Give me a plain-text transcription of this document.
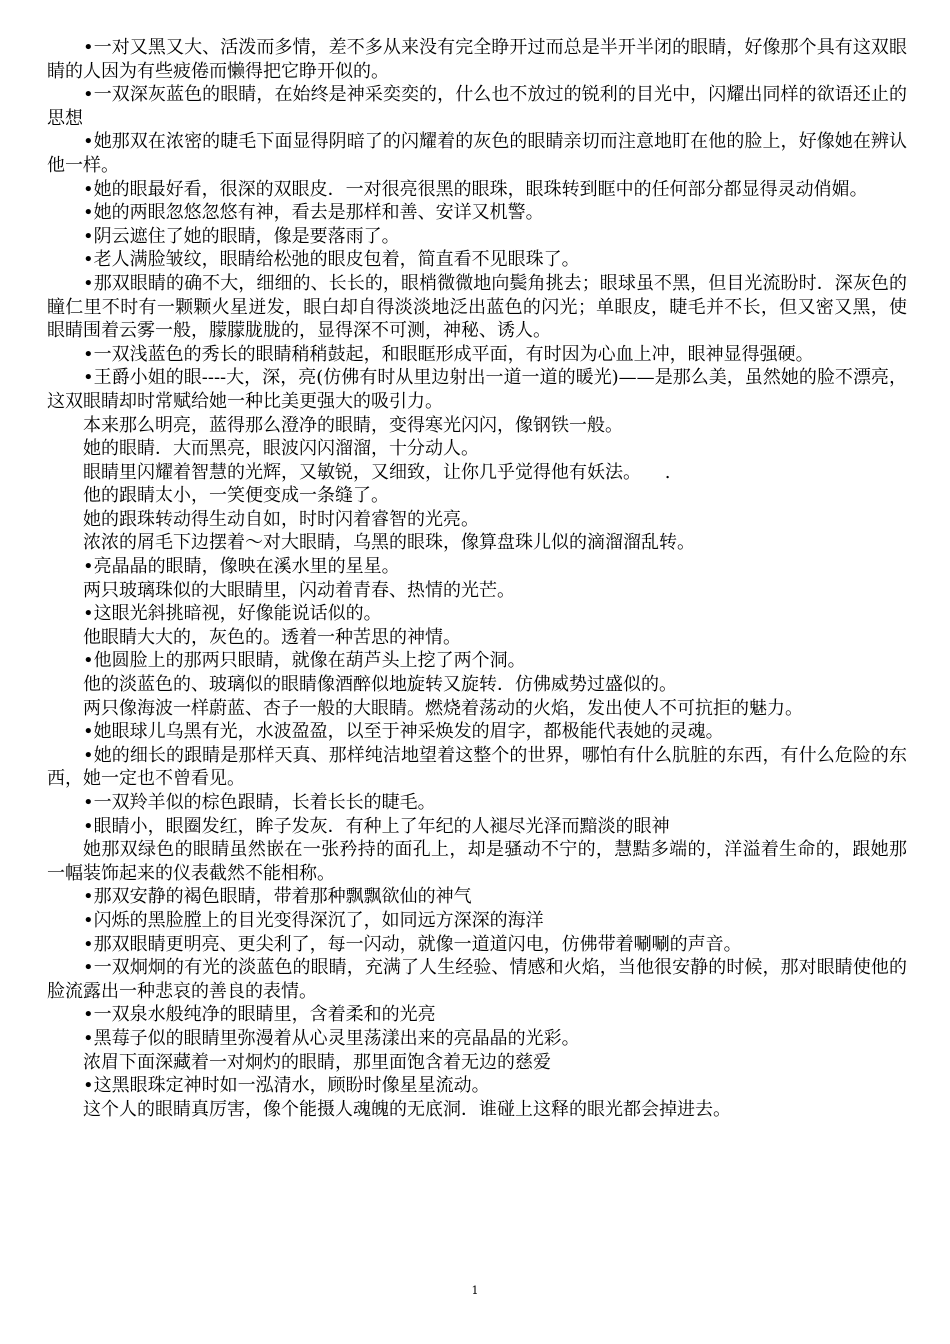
•一对又黑又大、活泼而多情，差不多从来没有完全睁开过而总是半开半闭的眼睛，好像那个具有这双眼睛的人因为有些疲倦而懒得把它睁开似的。

•一双深灰蓝色的眼睛，在始终是神采奕奕的，什么也不放过的锐利的目光中，闪耀出同样的欲语还止的思想

•她那双在浓密的睫毛下面显得阴暗了的闪耀着的灰色的眼睛亲切而注意地盯在他的脸上，好像她在辨认他一样。

•她的眼最好看，很深的双眼皮．一对很亮很黑的眼珠，眼珠转到眶中的任何部分都显得灵动俏媚。

•她的两眼忽悠忽悠有神，看去是那样和善、安详又机警。

•阴云遮住了她的眼睛，像是要落雨了。

•老人满脸皱纹，眼睛给松弛的眼皮包着，简直看不见眼珠了。

•那双眼睛的确不大，细细的、长长的，眼梢微微地向鬓角挑去；眼球虽不黑，但目光流盼时．深灰色的瞳仁里不时有一颗颗火星迸发，眼白却自得淡淡地泛出蓝色的闪光；单眼皮，睫毛并不长，但又密又黑，使眼睛围着云雾一般，朦朦胧胧的，显得深不可测，神秘、诱人。

•一双浅蓝色的秀长的眼睛稍稍鼓起，和眼眶形成平面，有时因为心血上冲，眼神显得强硬。

•王爵小姐的眼----大，深，亮(仿佛有时从里边射出一道一道的暖光)——是那么美，虽然她的脸不漂亮，这双眼睛却时常赋给她一种比美更强大的吸引力。

本来那么明亮，蓝得那么澄净的眼睛，变得寒光闪闪，像钢铁一般。

她的眼睛．大而黑亮，眼波闪闪溜溜，十分动人。

眼睛里闪耀着智慧的光辉，又敏锐，又细致，让你几乎觉得他有妖法。 　.

他的跟睛太小，一笑便变成一条缝了。

她的跟珠转动得生动自如，时时闪着睿智的光亮。

浓浓的屑毛下边摆着～对大眼睛，乌黑的眼珠，像算盘珠儿似的滴溜溜乱转。

•亮晶晶的眼睛，像映在溪水里的星星。

两只玻璃珠似的大眼睛里，闪动着青春、热情的光芒。

•这眼光斜挑暗视，好像能说话似的。

他眼睛大大的，灰色的。透着一种苦思的神情。

•他圆脸上的那两只眼睛，就像在葫芦头上挖了两个洞。

他的淡蓝色的、玻璃似的眼睛像酒醉似地旋转又旋转．仿佛威势过盛似的。

两只像海波一样蔚蓝、杏子一般的大眼睛。燃烧着荡动的火焰，发出使人不可抗拒的魅力。

•她眼球儿乌黑有光，水波盈盈，以至于神采焕发的眉字，都极能代表她的灵魂。

•她的细长的跟睛是那样天真、那样纯洁地望着这整个的世界，哪怕有什么肮脏的东西，有什么危险的东西，她一定也不曾看见。

•一双羚羊似的棕色跟睛，长着长长的睫毛。

•眼睛小，眼圈发红，眸子发灰．有种上了年纪的人褪尽光泽而黯淡的眼神

她那双绿色的眼睛虽然嵌在一张矜持的面孔上，却是骚动不宁的，慧黠多端的，洋溢着生命的，跟她那一幅装饰起来的仪表截然不能相称。

•那双安静的褐色眼睛，带着那种飘飘欲仙的神气

•闪烁的黑脸膛上的目光变得深沉了，如同远方深深的海洋

•那双眼睛更明亮、更尖利了，每一闪动，就像一道道闪电，仿佛带着唰唰的声音。

•一双炯炯的有光的淡蓝色的眼睛，充满了人生经验、情感和火焰，当他很安静的时候，那对眼睛使他的脸流露出一种悲哀的善良的表情。

•一双泉水般纯净的眼睛里，含着柔和的光亮

•黑莓子似的眼睛里弥漫着从心灵里荡漾出来的亮晶晶的光彩。

浓眉下面深藏着一对炯灼的眼睛，那里面饱含着无边的慈爱

•这黑眼珠定神时如一泓清水，顾盼时像星星流动。

这个人的眼睛真厉害，像个能摄人魂魄的无底洞．谁碰上这释的眼光都会掉进去。

1
